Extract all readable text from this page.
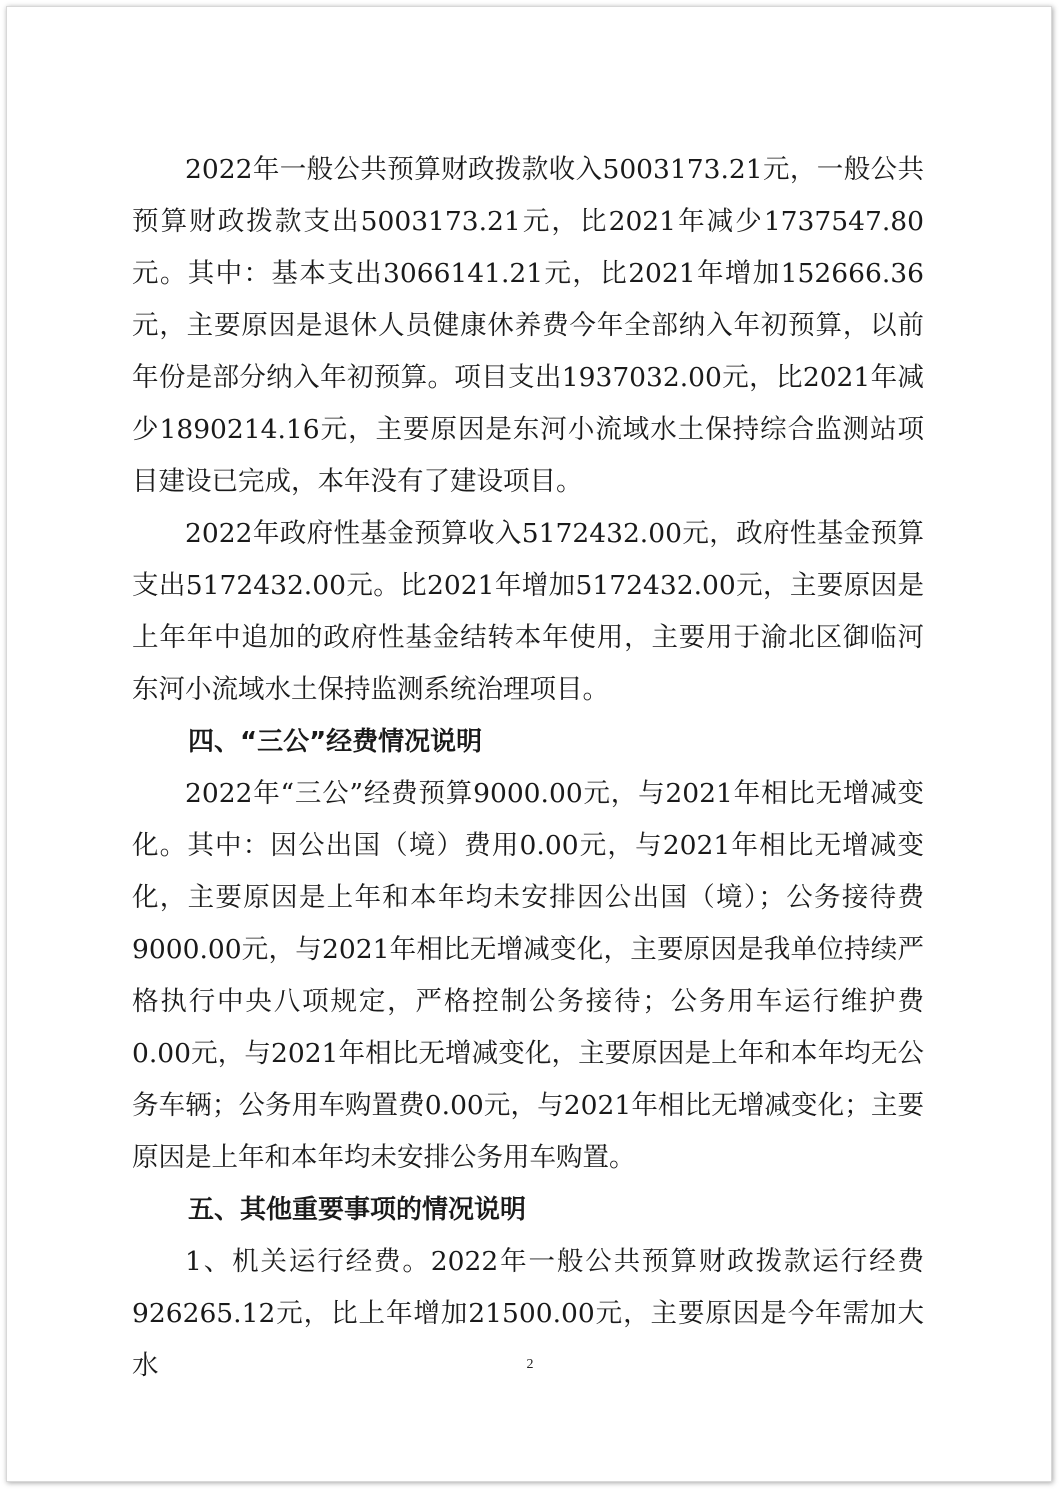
2022年一般公共预算财政拨款收入5003173.21元，一般公共预算财政拨款支出5003173.21元，比2021年减少1737547.80元。其中：基本支出3066141.21元，比2021年增加152666.36元，主要原因是退休人员健康休养费今年全部纳入年初预算，以前年份是部分纳入年初预算。项目支出1937032.00元，比2021年减少1890214.16元，主要原因是东河小流域水土保持综合监测站项目建设已完成，本年没有了建设项目。

2022年政府性基金预算收入5172432.00元，政府性基金预算支出5172432.00元。比2021年增加5172432.00元，主要原因是上年年中追加的政府性基金结转本年使用，主要用于渝北区御临河东河小流域水土保持监测系统治理项目。

四、“三公”经费情况说明

2022年“三公”经费预算9000.00元，与2021年相比无增减变化。其中：因公出国（境）费用0.00元，与2021年相比无增减变化，主要原因是上年和本年均未安排因公出国（境）；公务接待费9000.00元，与2021年相比无增减变化，主要原因是我单位持续严格执行中央八项规定，严格控制公务接待；公务用车运行维护费0.00元，与2021年相比无增减变化，主要原因是上年和本年均无公务车辆；公务用车购置费0.00元，与2021年相比无增减变化；主要原因是上年和本年均未安排公务用车购置。

五、其他重要事项的情况说明

1、机关运行经费。2022年一般公共预算财政拨款运行经费926265.12元，比上年增加21500.00元，主要原因是今年需加大水	2
